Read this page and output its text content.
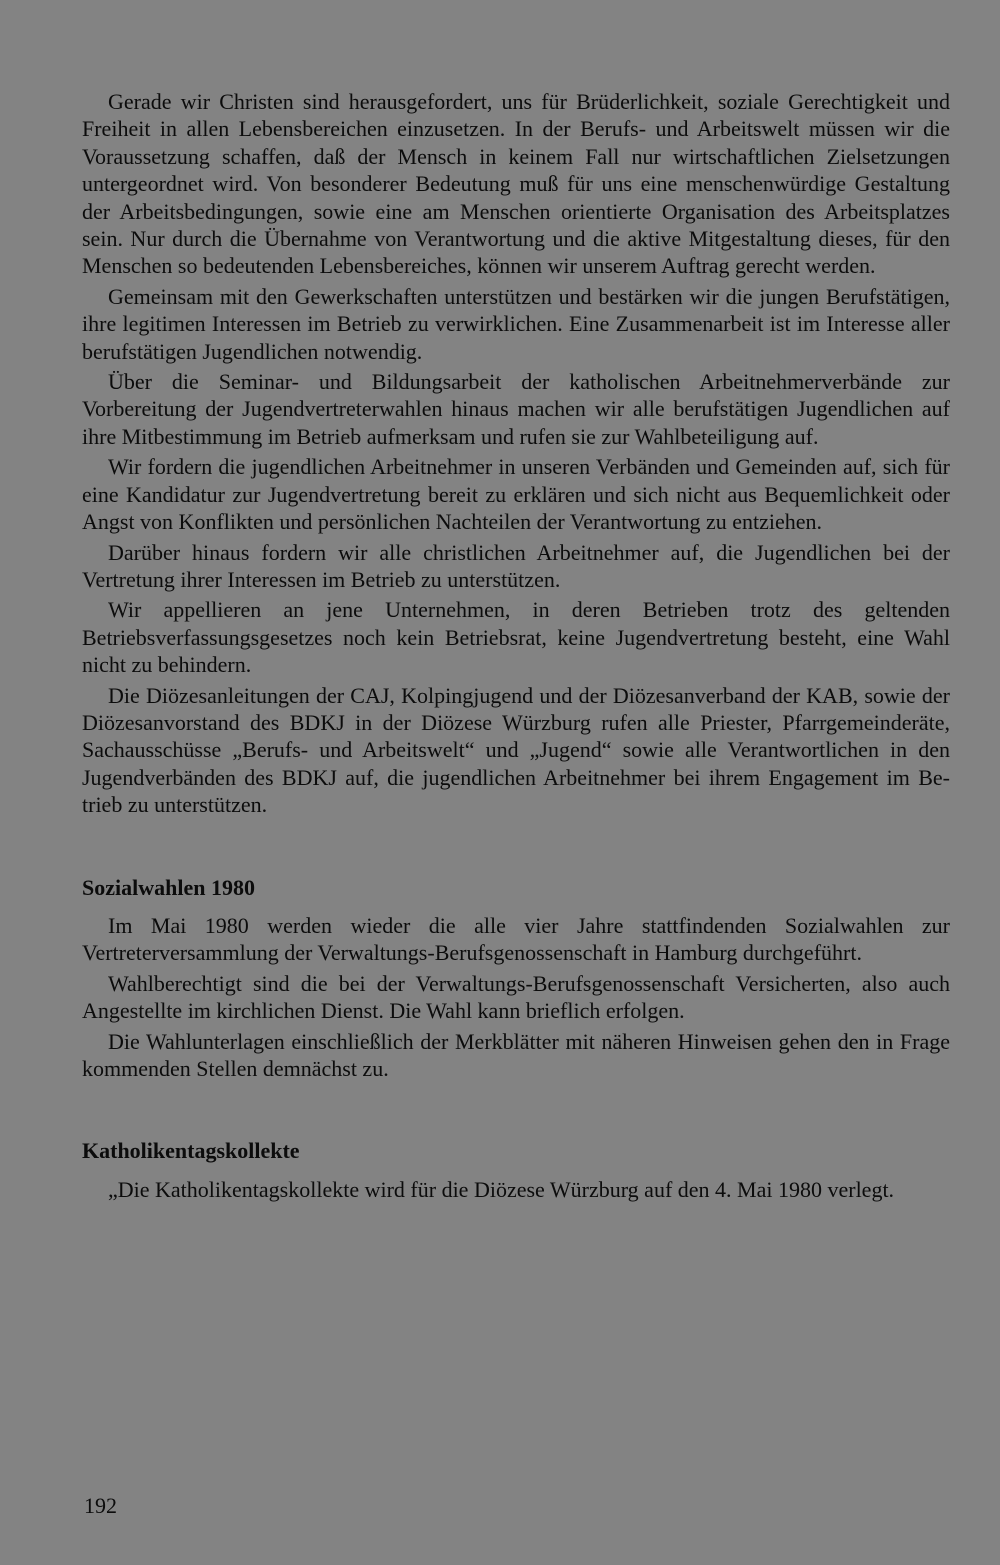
Gerade wir Christen sind herausgefordert, uns für Brüderlichkeit, soziale Gerechtigkeit und Freiheit in allen Lebensbereichen einzusetzen. In der Berufs- und Arbeitswelt müssen wir die Voraussetzung schaffen, daß der Mensch in keinem Fall nur wirtschaftlichen Zielsetzungen untergeordnet wird. Von besonderer Bedeutung muß für uns eine menschenwürdige Gestaltung der Arbeitsbedingungen, sowie eine am Menschen orientierte Organisation des Arbeitsplatzes sein. Nur durch die Übernahme von Verantwortung und die aktive Mitgestaltung dieses, für den Menschen so bedeutenden Lebensbereiches, können wir unserem Auftrag gerecht werden.

Gemeinsam mit den Gewerkschaften unterstützen und bestärken wir die jungen Berufstätigen, ihre legitimen Interessen im Betrieb zu verwirklichen. Eine Zusammenarbeit ist im Interesse aller berufstätigen Jugendlichen notwendig.

Über die Seminar- und Bildungsarbeit der katholischen Arbeitnehmerverbände zur Vorbereitung der Jugendvertreterwahlen hinaus machen wir alle berufstätigen Jugendlichen auf ihre Mitbestimmung im Betrieb aufmerksam und rufen sie zur Wahlbeteiligung auf.

Wir fordern die jugendlichen Arbeitnehmer in unseren Verbänden und Gemeinden auf, sich für eine Kandidatur zur Jugendvertretung bereit zu erklären und sich nicht aus Bequemlichkeit oder Angst von Konflikten und persönlichen Nachteilen der Verantwortung zu entziehen.

Darüber hinaus fordern wir alle christlichen Arbeitnehmer auf, die Jugendlichen bei der Vertretung ihrer Interessen im Betrieb zu unterstützen.

Wir appellieren an jene Unternehmen, in deren Betrieben trotz des geltenden Betriebsverfassungsgesetzes noch kein Betriebsrat, keine Jugendvertretung besteht, eine Wahl nicht zu behindern.

Die Diözesanleitungen der CAJ, Kolpingjugend und der Diözesanverband der KAB, sowie der Diözesanvorstand des BDKJ in der Diözese Würzburg rufen alle Priester, Pfarrgemeinderäte, Sachausschüsse „Berufs- und Arbeitswelt“ und „Jugend“ sowie alle Verantwortlichen in den Jugendverbänden des BDKJ auf, die jugendlichen Arbeitnehmer bei ihrem Engagement im Betrieb zu unterstützen.

Sozialwahlen 1980

Im Mai 1980 werden wieder die alle vier Jahre stattfindenden Sozialwahlen zur Vertreterversammlung der Verwaltungs-Berufsgenossenschaft in Hamburg durchgeführt.

Wahlberechtigt sind die bei der Verwaltungs-Berufsgenossenschaft Versicherten, also auch Angestellte im kirchlichen Dienst. Die Wahl kann brieflich erfolgen.

Die Wahlunterlagen einschließlich der Merkblätter mit näheren Hinweisen gehen den in Frage kommenden Stellen demnächst zu.

Katholikentagskollekte

„Die Katholikentagskollekte wird für die Diözese Würzburg auf den 4. Mai 1980 verlegt.

192
